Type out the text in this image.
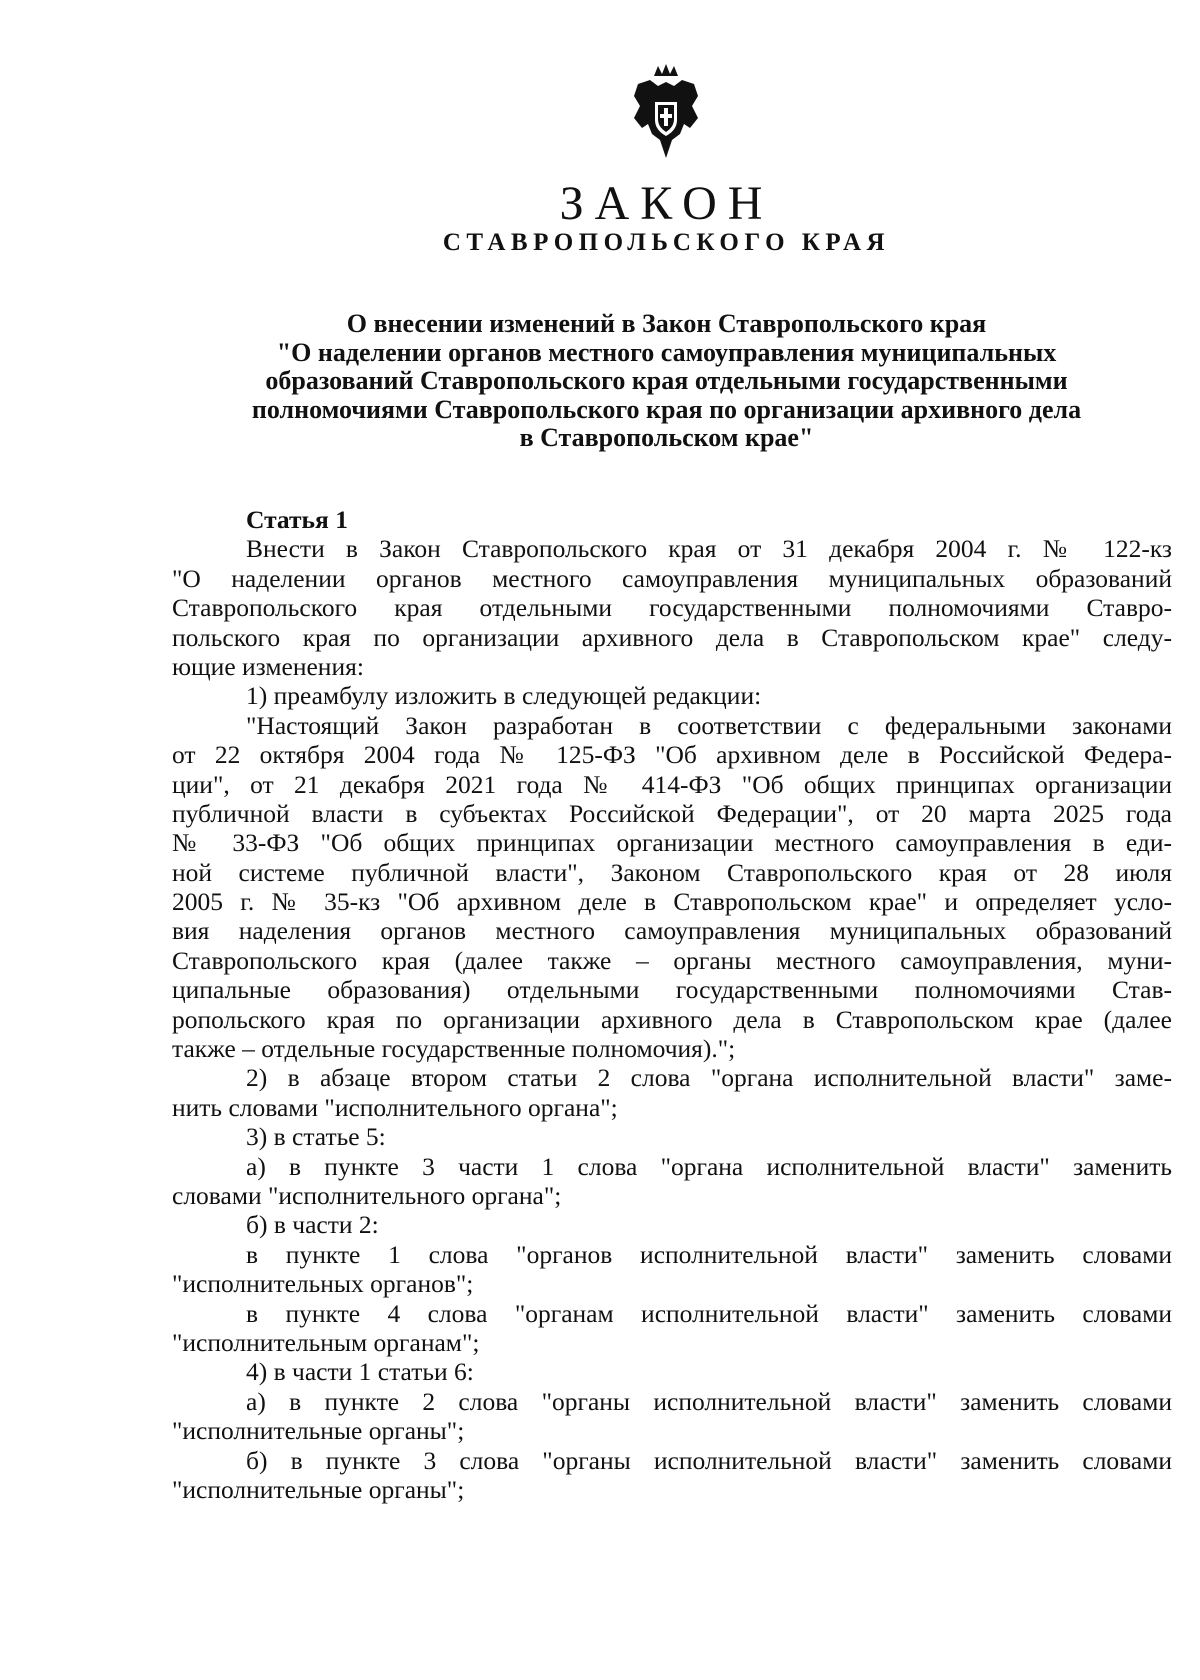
ЗАКОН
СТАВРОПОЛЬСКОГО КРАЯ
О внесении изменений в Закон Ставропольского края
"О наделении органов местного самоуправления муниципальных
образований Ставропольского края отдельными государственными
полномочиями Ставропольского края по организации архивного дела
в Ставропольском крае"
Статья 1
Внести в Закон Ставропольского края от 31 декабря 2004 г. № 122-кз
"О наделении органов местного самоуправления муниципальных образований
Ставропольского края отдельными государственными полномочиями Ставро-
польского края по организации архивного дела в Ставропольском крае" следу-
ющие изменения:
1) преамбулу изложить в следующей редакции:
"Настоящий Закон разработан в соответствии с федеральными законами
от 22 октября 2004 года № 125-ФЗ "Об архивном деле в Российской Федера-
ции", от 21 декабря 2021 года № 414-ФЗ "Об общих принципах организации
публичной власти в субъектах Российской Федерации", от 20 марта 2025 года
№ 33-ФЗ "Об общих принципах организации местного самоуправления в еди-
ной системе публичной власти", Законом Ставропольского края от 28 июля
2005 г. № 35-кз "Об архивном деле в Ставропольском крае" и определяет усло-
вия наделения органов местного самоуправления муниципальных образований
Ставропольского края (далее также – органы местного самоуправления, муни-
ципальные образования) отдельными государственными полномочиями Став-
ропольского края по организации архивного дела в Ставропольском крае (далее
также – отдельные государственные полномочия).";
2) в абзаце втором статьи 2 слова "органа исполнительной власти" заме-
нить словами "исполнительного органа";
3) в статье 5:
а) в пункте 3 части 1 слова "органа исполнительной власти" заменить
словами "исполнительного органа";
б) в части 2:
в пункте 1 слова "органов исполнительной власти" заменить словами
"исполнительных органов";
в пункте 4 слова "органам исполнительной власти" заменить словами
"исполнительным органам";
4) в части 1 статьи 6:
а) в пункте 2 слова "органы исполнительной власти" заменить словами
"исполнительные органы";
б) в пункте 3 слова "органы исполнительной власти" заменить словами
"исполнительные органы";
